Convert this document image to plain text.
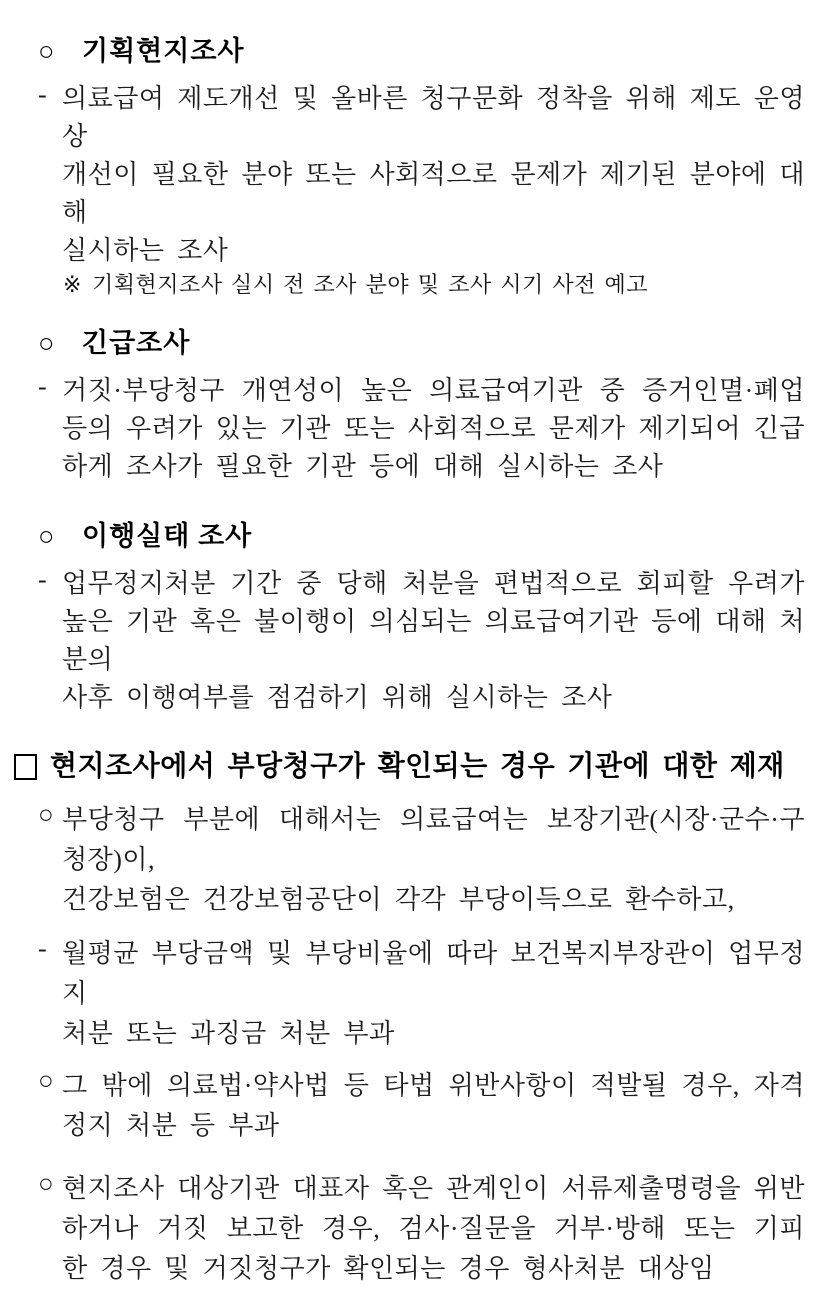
○ 기획현지조사
- 의료급여 제도개선 및 올바른 청구문화 정착을 위해 제도 운영상
개선이 필요한 분야 또는 사회적으로 문제가 제기된 분야에 대해
실시하는 조사
※ 기획현지조사 실시 전 조사 분야 및 조사 시기 사전 예고
○ 긴급조사
- 거짓·부당청구 개연성이 높은 의료급여기관 중 증거인멸·폐업
등의 우려가 있는 기관 또는 사회적으로 문제가 제기되어 긴급
하게 조사가 필요한 기관 등에 대해 실시하는 조사
○ 이행실태 조사
- 업무정지처분 기간 중 당해 처분을 편법적으로 회피할 우려가
높은 기관 혹은 불이행이 의심되는 의료급여기관 등에 대해 처분의
사후 이행여부를 점검하기 위해 실시하는 조사
현지조사에서 부당청구가 확인되는 경우 기관에 대한 제재
○ 부당청구 부분에 대해서는 의료급여는 보장기관(시장·군수·구청장)이,
건강보험은 건강보험공단이 각각 부당이득으로 환수하고,
- 월평균 부당금액 및 부당비율에 따라 보건복지부장관이 업무정지
처분 또는 과징금 처분 부과
○ 그 밖에 의료법·약사법 등 타법 위반사항이 적발될 경우, 자격
정지 처분 등 부과
○ 현지조사 대상기관 대표자 혹은 관계인이 서류제출명령을 위반
하거나 거짓 보고한 경우, 검사·질문을 거부·방해 또는 기피
한 경우 및 거짓청구가 확인되는 경우 형사처분 대상임
